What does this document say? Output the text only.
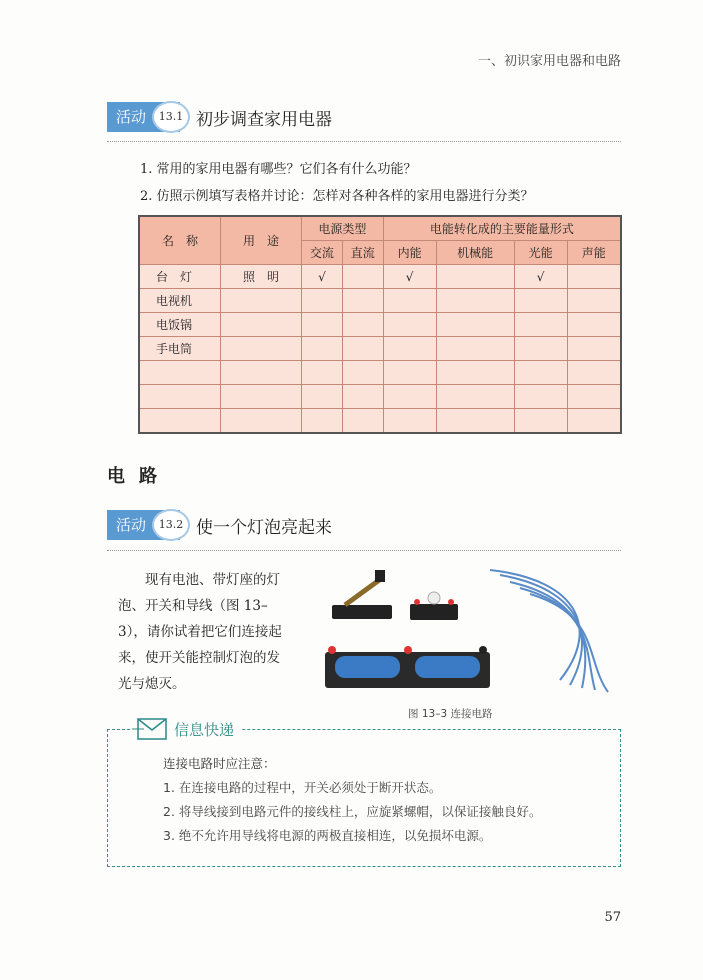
一、初识家用电器和电路
活动	13.1 初步调查家用电器
1. 常用的家用电器有哪些？它们各有什么功能？
2. 仿照示例填写表格并讨论：怎样对各种各样的家用电器进行分类？
名　称	用　途	电源类型		电能转化成的主要能量形式			
		交流	直流	内能	机械能	光能	声能
台　灯	照　明	√		√		√	
电视机							
电饭锅							
手电筒							

电路
活动	13.2 使一个灯泡亮起来
现有电池、带灯座的灯泡、开关和导线（图 13–3），请你试着把它们连接起来，使开关能控制灯泡的发光与熄灭。
图 13–3 连接电路
信息快递
连接电路时应注意：
1. 在连接电路的过程中，开关必须处于断开状态。
2. 将导线接到电路元件的接线柱上，应旋紧螺帽，以保证接触良好。
3. 绝不允许用导线将电源的两极直接相连，以免损坏电源。
57
